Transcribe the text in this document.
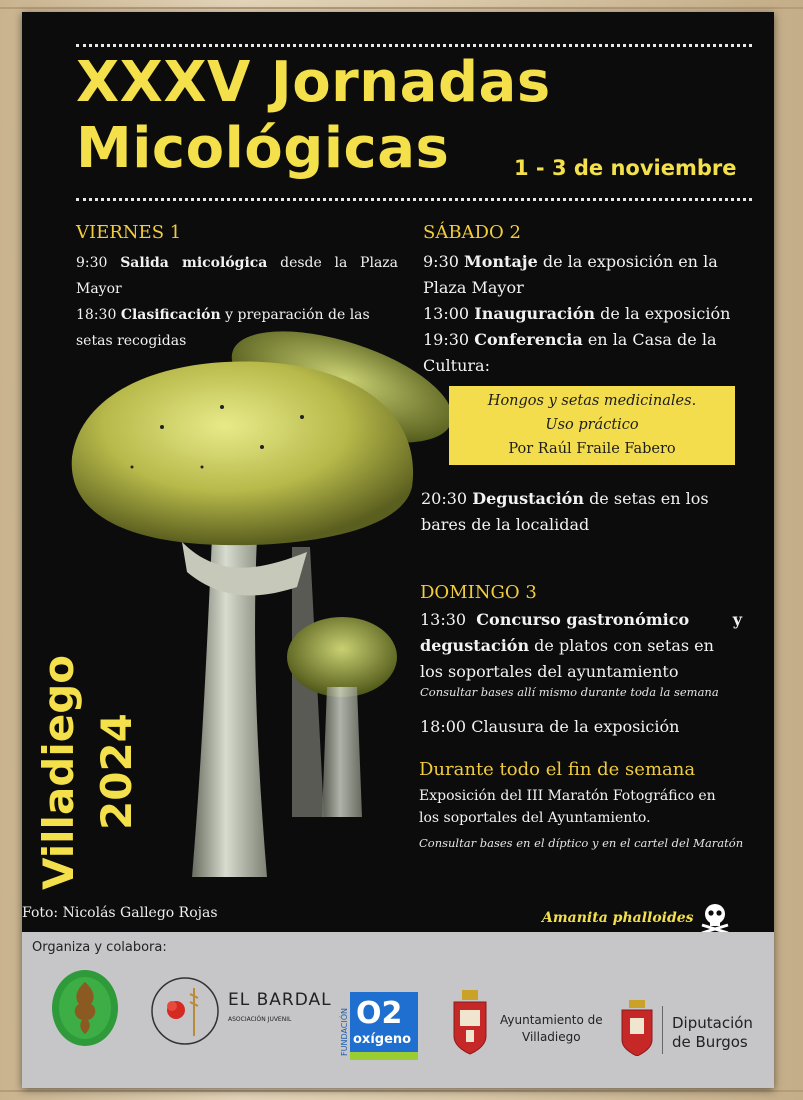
XXXV Jornadas
Micológicas	1 - 3 de noviembre
VIERNES 1
9:30 Salida micológica desde la Plaza Mayor
18:30 Clasificación y preparación de las
setas recogidas
SÁBADO 2
9:30 Montaje de la exposición en la
Plaza Mayor
13:00 Inauguración de la exposición
19:30 Conferencia en la Casa de la
Cultura:
Hongos y setas medicinales.
Uso práctico
Por Raúl Fraile Fabero
20:30 Degustación de setas en los
bares de la localidad
DOMINGO 3
13:30 Concurso gastronómico	y
degustación de platos con setas en
los soportales del ayuntamiento
Consultar bases allí mismo durante toda la semana
18:00 Clausura de la exposición
Durante todo el fin de semana
Exposición del III Maratón Fotográfico en
los soportales del Ayuntamiento.
Consultar bases en el díptico y en el cartel del Maratón
Villadiego 2024
Foto: Nicolás Gallego Rojas	Amanita phalloides
Organiza y colabora:
EL BARDAL
ASOCIACIÓN JUVENIL	FUNDACIÓN O2
oxígeno
Ayuntamiento de
Villadiego
Diputación
de Burgos
